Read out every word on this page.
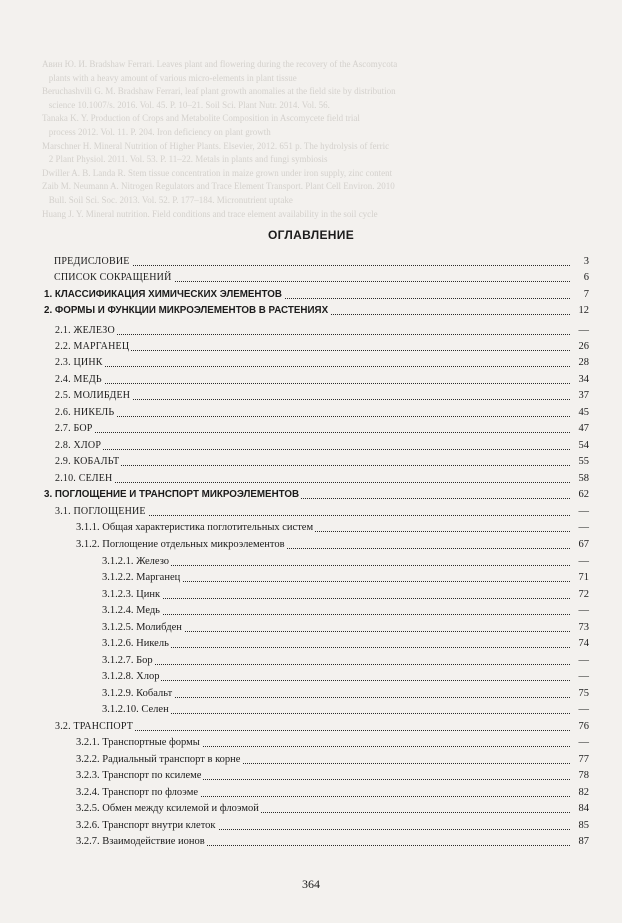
Авин Ю. И. Bradshaw Ferrari. Leaves plant and flowering during the recovery of the Ascomycota
plants with a heavy amount of various micro-elements in plant tissue
Beruchashvili G. M. Bradshaw Ferrari, leaf plant growth anomalies at the field site by distribution
science 10.1007/s. 2016. Vol. 45. P. 10–21. Soil Sci. Plant Nutr. 2014. Vol. 56.
Tanaka K. Y. Production of Crops and Metabolite Composition in Ascomycete field trial
process 2012. Vol. 11. P. 204. Iron deficiency on plant growth
Marschner H. Mineral Nutrition of Higher Plants. Elsevier, 2012. 651 p. The hydrolysis of ferric
2 Plant Physiol. 2011. Vol. 53. P. 11–22. Metals in plants and fungi symbiosis
Dwiller A. B. Landa R. Stem tissue concentration in maize grown under iron supply, zinc content
Zaib M. Neumann A. Nitrogen Regulators and Trace Element Transport. Plant Cell Environ. 2010
Bull. Soil Sci. Soc. 2013. Vol. 52. P. 177–184. Micronutrient uptake
Huang J. Y. Mineral nutrition. Field conditions and trace element availability in the soil cycle
ОГЛАВЛЕНИЕ
ПРЕДИСЛОВИЕ	3
СПИСОК СОКРАЩЕНИЙ	6
1. КЛАССИФИКАЦИЯ ХИМИЧЕСКИХ ЭЛЕМЕНТОВ	7
2. ФОРМЫ И ФУНКЦИИ МИКРОЭЛЕМЕНТОВ В РАСТЕНИЯХ	12
2.1. ЖЕЛЕЗО	—
2.2. МАРГАНЕЦ	26
2.3. ЦИНК	28
2.4. МЕДЬ	34
2.5. МОЛИБДЕН	37
2.6. НИКЕЛЬ	45
2.7. БОР	47
2.8. ХЛОР	54
2.9. КОБАЛЬТ	55
2.10. СЕЛЕН	58
3. ПОГЛОЩЕНИЕ И ТРАНСПОРТ МИКРОЭЛЕМЕНТОВ	62
3.1. ПОГЛОЩЕНИЕ	—
3.1.1. Общая характеристика поглотительных систем	—
3.1.2. Поглощение отдельных микроэлементов	67
3.1.2.1. Железо	—
3.1.2.2. Марганец	71
3.1.2.3. Цинк	72
3.1.2.4. Медь	—
3.1.2.5. Молибден	73
3.1.2.6. Никель	74
3.1.2.7. Бор	—
3.1.2.8. Хлор	—
3.1.2.9. Кобальт	75
3.1.2.10. Селен	—
3.2. ТРАНСПОРТ	76
3.2.1. Транспортные формы	—
3.2.2. Радиальный транспорт в корне	77
3.2.3. Транспорт по ксилеме	78
3.2.4. Транспорт по флоэме	82
3.2.5. Обмен между ксилемой и флоэмой	84
3.2.6. Транспорт внутри клеток	85
3.2.7. Взаимодействие ионов	87
364
